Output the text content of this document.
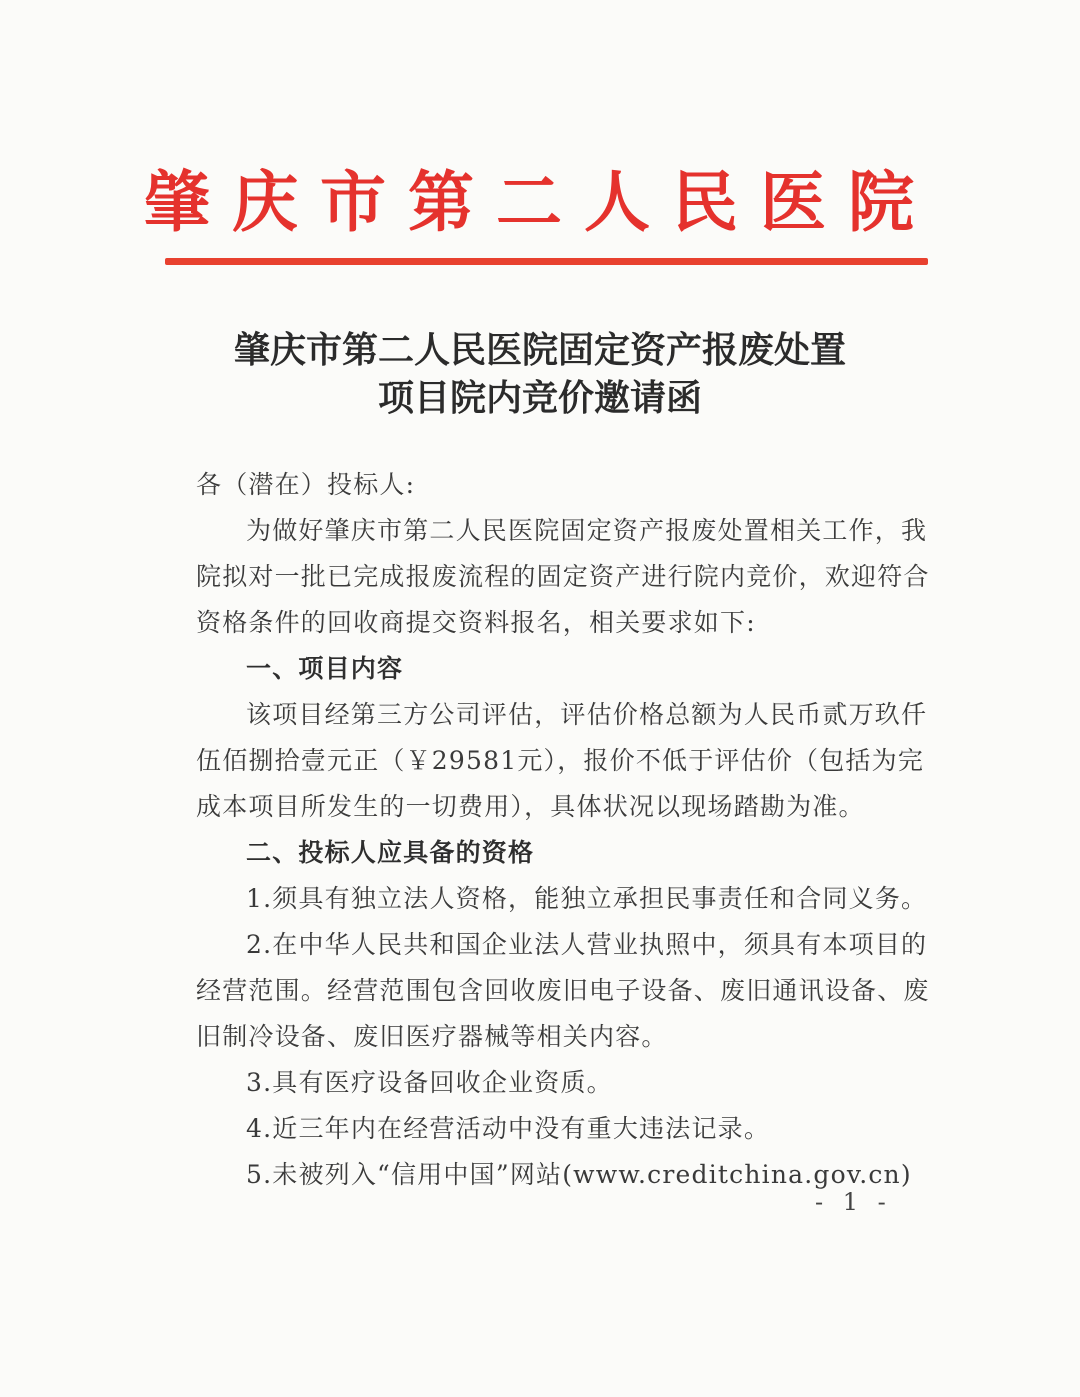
肇庆市第二人民医院
肇庆市第二人民医院固定资产报废处置
项目院内竞价邀请函
各（潜在）投标人:
为做好肇庆市第二人民医院固定资产报废处置相关工作，我
院拟对一批已完成报废流程的固定资产进行院内竞价，欢迎符合
资格条件的回收商提交资料报名，相关要求如下:
一、项目内容
该项目经第三方公司评估，评估价格总额为人民币贰万玖仟
伍佰捌拾壹元正（￥29581元），报价不低于评估价（包括为完
成本项目所发生的一切费用），具体状况以现场踏勘为准。
二、投标人应具备的资格
1.须具有独立法人资格，能独立承担民事责任和合同义务。
2.在中华人民共和国企业法人营业执照中，须具有本项目的
经营范围。经营范围包含回收废旧电子设备、废旧通讯设备、废
旧制冷设备、废旧医疗器械等相关内容。
3.具有医疗设备回收企业资质。
4.近三年内在经营活动中没有重大违法记录。
5.未被列入“信用中国”网站(www.creditchina.gov.cn)
- 1 -
